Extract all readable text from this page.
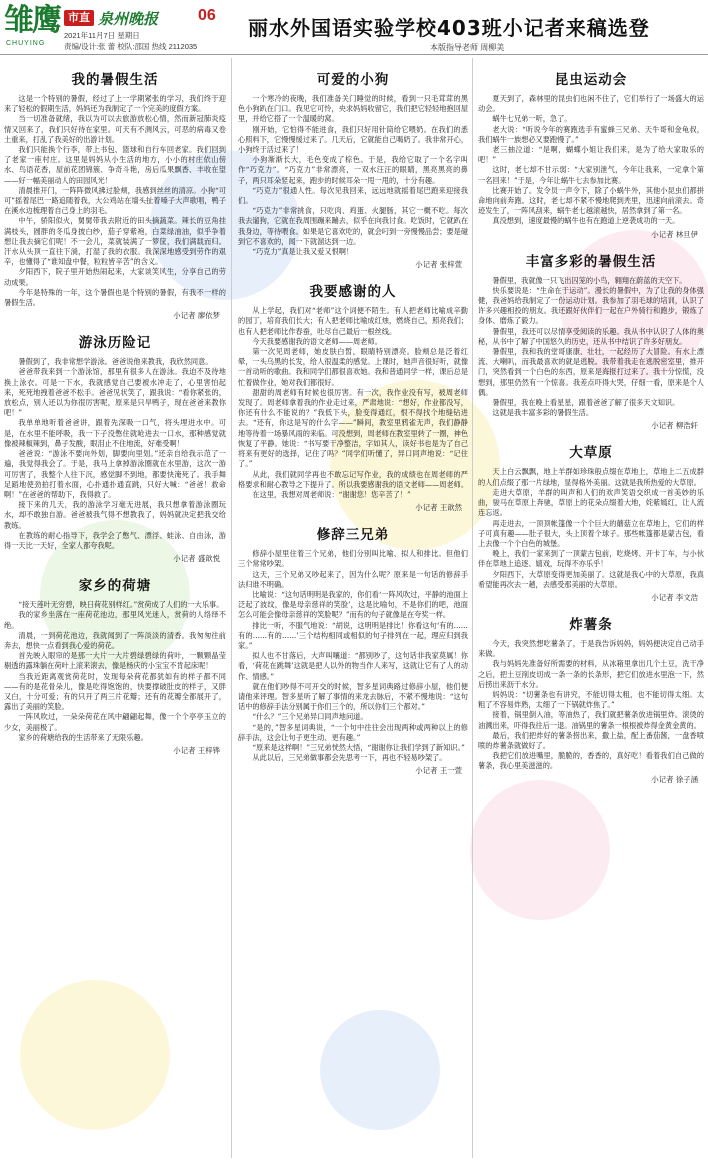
雏鹰
CHUYING
市直 泉州晚报 06
2021年11月7日 星期日
责编/设计:张 蕾 校队:邵国 热线 2112035
丽水外国语实验学校403班小记者来稿选登
本版指导老师 周柳美
我的暑假生活

这是一个特别的暑假，经过了上一学期紧张的学习，我们终于迎来了轻松的假期生活，妈妈还为我制定了一个完美的度假方案。

当一切准备就绪，我以为可以去旅游放松心情，然而新冠肺炎疫情又回来了，我们只好待在家里。可天有不测风云，可恶的病毒又卷土重来，打乱了我美好的出游计划。

我们只能换个行李，带上书包、篮球和自行车回老家。我们回到了老家一座村庄。这里是妈妈从小生活的地方，小小的村庄依山傍水、鸟语花香，屋前花团锦簇、争奇斗艳，房后瓜果飘香、丰收在望——好一幅美丽动人的田园风光！

清晨推开门，一阵阵微风拂过脸颊，我感到丝丝的清凉。小狗“可可”摇着尾巴一路追随着我，大公鸡站在墙头扯着嗓子大声歌唱，鸭子在溪水边梳理着自己身上的羽毛。

中午，骄阳似火，舅舅带我去附近的田头摘蔬菜。辣长的豆角挂满枝头，圆胖的冬瓜身披白纱，茄子穿紫袍，白菜绿油油，似乎争着想让我去摘它们呢！不一会儿，菜就装满了一箩筐，我们满载而归。汗水从头顶一直往下淌，打湿了我的衣服。我深深地感受到劳作的艰辛，也懂得了“谁知盘中餐，粒粒皆辛苦”的含义。

夕阳西下，院子里开始热闹起来，大家谈笑风生，分享自己的劳动成果。

今年是特殊的一年，这个暑假也是个特别的暑假，有我不一样的暑假生活。

小记者 廖依梦
游泳历险记

暑假到了，我非常想学游泳。爸爸说他来教我，我欣然同意。

爸爸带我来到一个游泳馆，那里有很多人在游泳。我迫不及待地换上泳衣。可是一下水，我就感觉自己要被水冲走了，心里害怕起来，死死地拽着爸爸不松手。爸爸见状笑了，跟我说：“看你紧张的，放松点，别人还以为你很厉害呢，原来是只旱鸭子，现在爸爸来教你吧！”

我单单地听着爸爸讲，跟着先深吸一口气，将头埋进水中。可是，在水里不能呼吸，我一下子没憋住就呛进去一口水，那种感觉就像被辣椒辣到，鼻子发酸，眼泪止不住地流，好难受啊！

爸爸说：“游泳不要向外划，脚要向里划。”还亲自给我示范了一遍，我觉得我会了。于是，我马上拿掉游泳圈就在水里游，这次一游可厉害了，我整个人往下沉，感觉脚不到地，都要快淹死了。我手舞足蹈地使劲拍打着水面，心扑通扑通直跳，只好大喊：“爸爸！救命啊！”在爸爸的帮助下，我得救了。

接下来的几天，我的游泳学习毫无进展，我只想拿着游泳圈玩水，却不敢独自游。爸爸被我气得不想教我了，妈妈就决定把我交给教练。

在教练的耐心指导下，我学会了憋气、漂浮、蛙泳、自由泳，游得一天比一天好，全家人都夸我呢。

小记者 盛歆悦
家乡的荷塘

“接天莲叶无穷碧，映日荷花别样红。”赏荷成了人们的一大乐事。

我的家乡坐落在一座荷花池边，那里风光迷人，赏荷的人络绎不绝。

清晨，一到荷花池边，我就闻到了一阵淡淡的清香。我匆匆往前奔去，想快一点看到我心爱的荷花。

首先映入眼帘的是那一大片一大片碧绿碧绿的荷叶，一颗颗晶莹剔透的露珠躺在荷叶上滚来滚去，像是杨庆的小宝宝不肯起床呢！

当我近距离观赏荷花时，发现每朵荷花都犹如有的样子都不同——有的是花骨朵儿，像是吃得饱饱的，快要撑破肚皮的样子，又胖又白，十分可爱；有的只开了两三片花瓣；还有的花瓣全都展开了，露出了美丽的笑脸。

一阵风吹过，一朵朵荷花在风中翩翩起舞，像一个个亭亭玉立的少女，美丽极了。

家乡的荷塘给我的生活带来了无限乐趣。

小记者 王梓铧
可爱的小狗

一个寒冷的夜晚，我们准备关门睡觉的时候，看到一只毛茸茸的黑色小狗趴在门口。我见它可怜，央求妈妈收留它，我们把它轻轻地抱回屋里，并给它搭了一个温暖的窝。

刚开始，它怕得不能进食，我们只好用针筒给它喂奶。在我们的悉心照料下，它慢慢缓过来了。几天后，它就能自己喝奶了。我非常开心，小狗终于活过来了！

小狗渐渐长大，毛色变成了棕色。于是，我给它取了一个名字叫作“巧克力”。“巧克力”非常漂亮，一双水汪汪的眼睛，黑亮黑亮的鼻子，两只耳朵竖起来，跑步的时候耳朵一甩一甩的，十分有趣。

“巧克力”很通人性。每次见我回来，远远地就摇着尾巴跑来迎接我们。

“巧克力”非常挑食，只吃肉、鸡蛋、火腿肠，其它一概不吃。每次我去遛狗，它就在我周围蹦来蹦去，似乎在向我讨食。吃饭时，它就趴在我身边，等待喂食。如果是它喜欢吃的，就会叼到一旁慢慢品尝；要是碰到它不喜欢的，闻一下就溜达到一边。

“巧克力”真是让我又爱又恨啊！

小记者 张梓萱
我要感谢的人

从上学起，我们对“老师”这个词便不陌生。有人把老师比喻成辛勤的园丁，培育我们长大；有人把老师比喻成红烛，燃烧自己，照亮我们；也有人把老师比作春蚕，吐尽自己最后一根丝线。

今天我要感谢我的语文老师——周老师。

第一次见周老师，她皮肤白皙，眼睛特别漂亮。脸颊总是泛着红晕，一头乌黑的长发，给人很温柔的感觉。上课时，她声音很好听，就像一首动听的歌曲。我和同学们都很喜欢她。我和普通同学一样，课后总是忙着做作业，她对我们都很好。

甜甜的周老师有时候也很厉害。有一次，我作业没有写，被周老师发现了。周老师拿着我的作业走过来，严肃地说：“想好，作业都没写，你还有什么不能说的？”我低下头，脸变得通红，恨不得找个地缝钻进去。“还有，你这是写的什么字——”瞬间，教室里鸦雀无声，我们静静地等待着一场暴风雨的来临。可没想到，周老师在教室里转了一圈，神色恢复了平静。她说：“书写要干净整洁，字如其人，读好书也是为了自己将来有更好的选择，记住了吗？”同学们听懂了，异口同声地说：“记住了。”

从此，我们就同学再也不敢忘记写作业，我的成绩也在周老师的严格要求和耐心教导之下提升了。所以我要感谢我的语文老师——周老师。

在这里，我想对周老师说：“谢谢您！您辛苦了！”

小记者 王歆然
修辞三兄弟

修辞小屋里住着三个兄弟，他们分别叫比喻、拟人和排比。但他们三个常常吵架。

这天，三个兄弟又吵起来了，因为什么呢？原来是一句话的修辞手法归谁不明确。

比喻说：“这句话明明是我家的，你们看‘一阵风吹过，平静的池面上泛起了波纹，像是母亲慈祥的笑脸’，这是比喻句，不是你们的吧，池面怎么可能会像母亲慈祥的笑脸呢？”而有的句子就像是在夸奖一样。

排比一听，不服气地说：“胡说，这明明是排比！你看这句‘有的……有的……有的……’三个结构相同或相似的句子排列在一起，理应归到我家。”

拟人也不甘落后，大声叫嚷道：“都别吵了，这句话非我家莫属！你看，‘荷花在跳舞’这就是把人以外的物当作人来写，这就让它有了人的动作、情感。”

就在他们吵得不可开交的时候，智多星词典路过修辞小屋，他们便请他来评理。智多星听了解了事情的来龙去脉后，不紧不慢地说：“这句话中的修辞手法分别属于你们三个的，所以你们三个都对。”

“什么？”三个兄弟异口同声地问道。

“是的，”智多星词典说，“一个句中往往会出现两种或两种以上的修辞手法，这会让句子更生动、更有趣。”

“原来是这样啊！”三兄弟恍然大悟，“谢谢你让我们学到了新知识。”

从此以后，三兄弟做事都会先思考一下，再也不轻易吵架了。

小记者 王一萱
昆虫运动会

夏天到了，森林里的昆虫们也闲不住了，它们举行了一场盛大的运动会。

蜗牛七兄弟一听，急了。

老大说：“听说今年的赛跑选手有蜜蜂三兄弟、天牛哥和金龟叔，我们蜗牛一族想必又要跑慢了。”

老三抽泣道：“是啊，蝴蝶小姐让我们来，是为了给大家取乐的吧！”

这时，老七却不甘示弱：“大家别泄气，今年让我来，一定拿个第一名回来！”于是，今年让蜗牛七去参加比赛。

比赛开始了。发令员一声令下，除了小蜗牛外，其他小昆虫们都拼命地向前奔跑。这时，老七却不紧不慢地爬到秃里，迅速向前滚去。奇迹发生了，一阵风刮来，蜗牛老七越滚越快，居然拿到了第一名。

真没想到，速度最慢的蜗牛也有在跑道上逆袭成功的一天。

小记者 林旦伊
丰富多彩的暑假生活

暑假里，我就像一只飞出囚笼的小鸟，翱翔在蔚蓝的天空下。

快乐要说是：“生命在于运动”。漫长的暑假中，为了让我的身体强健，我爸妈给我制定了一份运动计划。我参加了羽毛球的培训，认识了许多兴趣相投的朋友。我还跟好伙伴们一起在户外骑行和跑步，锻炼了身体、磨炼了毅力。

暑假里，我还可以尽情享受阅读的乐趣。我从书中认识了人体的奥秘，从书中了解了中国悠久的历史，还从书中结识了许多好朋友。

暑假里，我和我的堂哥康康、壮壮，一起经历了大冒险。有水上漂流、大喇叭，而我最喜欢的就是逃脱。我带着我走在逃脱密室里，推开门，突然看到一个白色的东西，原来是海报打过来了。我十分惊慌，没想到，那里仍然有一个惊喜。我差点吓得大哭，仔细一看，原来是个人偶。

暑假里，我在晚上看星星，跟着爸爸了解了很多天文知识。

这就是我丰富多彩的暑假生活。

小记者 柳浩轩
大草原

天上白云飘飘，地上羊群如珍珠般点缀在草地上，草地上二五成群的人们点缀了那一片绿地，显得格外美丽。这就是我所热爱的大草原。

走进大草原，羊群的叫声和人们的欢声笑语交织成一首美妙的乐曲，骏马在草原上奔驰，草原上的花朵点缀着大地，姹紫嫣红，让人流连忘返。

再走进去，一顶顶帐篷像一个个巨大的蘑菇立在草地上，它们的样子可真有趣——肚子很大，头上顶着个球子。那些帐篷都是蒙古包，看上去像一个个白色的城堡。

晚上，我们一家来到了一顶蒙古包前，吃烧烤、开卡丁车，与小伙伴在草地上追逐、嬉戏，玩得不亦乐乎！

夕阳西下，大草原变得更加美丽了。这就是我心中的大草原，我真希望能再次去一趟，去感受那美丽的大草原。

小记者 李文浩
炸薯条

今天，我突然想吃薯条了，于是我告诉妈妈，妈妈便决定自己动手来做。

我与妈妈先准备好所需要的材料，从冰箱里拿出几个土豆，洗干净之后，把土豆削皮切成一条一条的长条形，把它们放进水里泡一下，然后捞出来沥干水分。

妈妈说：“切薯条也有讲究，不能切得太粗，也不能切得太细。太粗了不容易炸熟，太细了一下锅就炸焦了。”

接着，锅里倒入油，等油热了，我们就把薯条放进锅里炸。滚烫的油溅出来，吓得我往后一退。油锅里的薯条一根根被炸得金黄金黄的。

最后，我们把炸好的薯条捞出来，撒上盐，配上番茄酱，一盘香喷喷的炸薯条就做好了。

我把它们放进嘴里，脆脆的，香香的，真好吃！看着我们自己做的薯条，我心里美滋滋的。

小记者 徐子涵
